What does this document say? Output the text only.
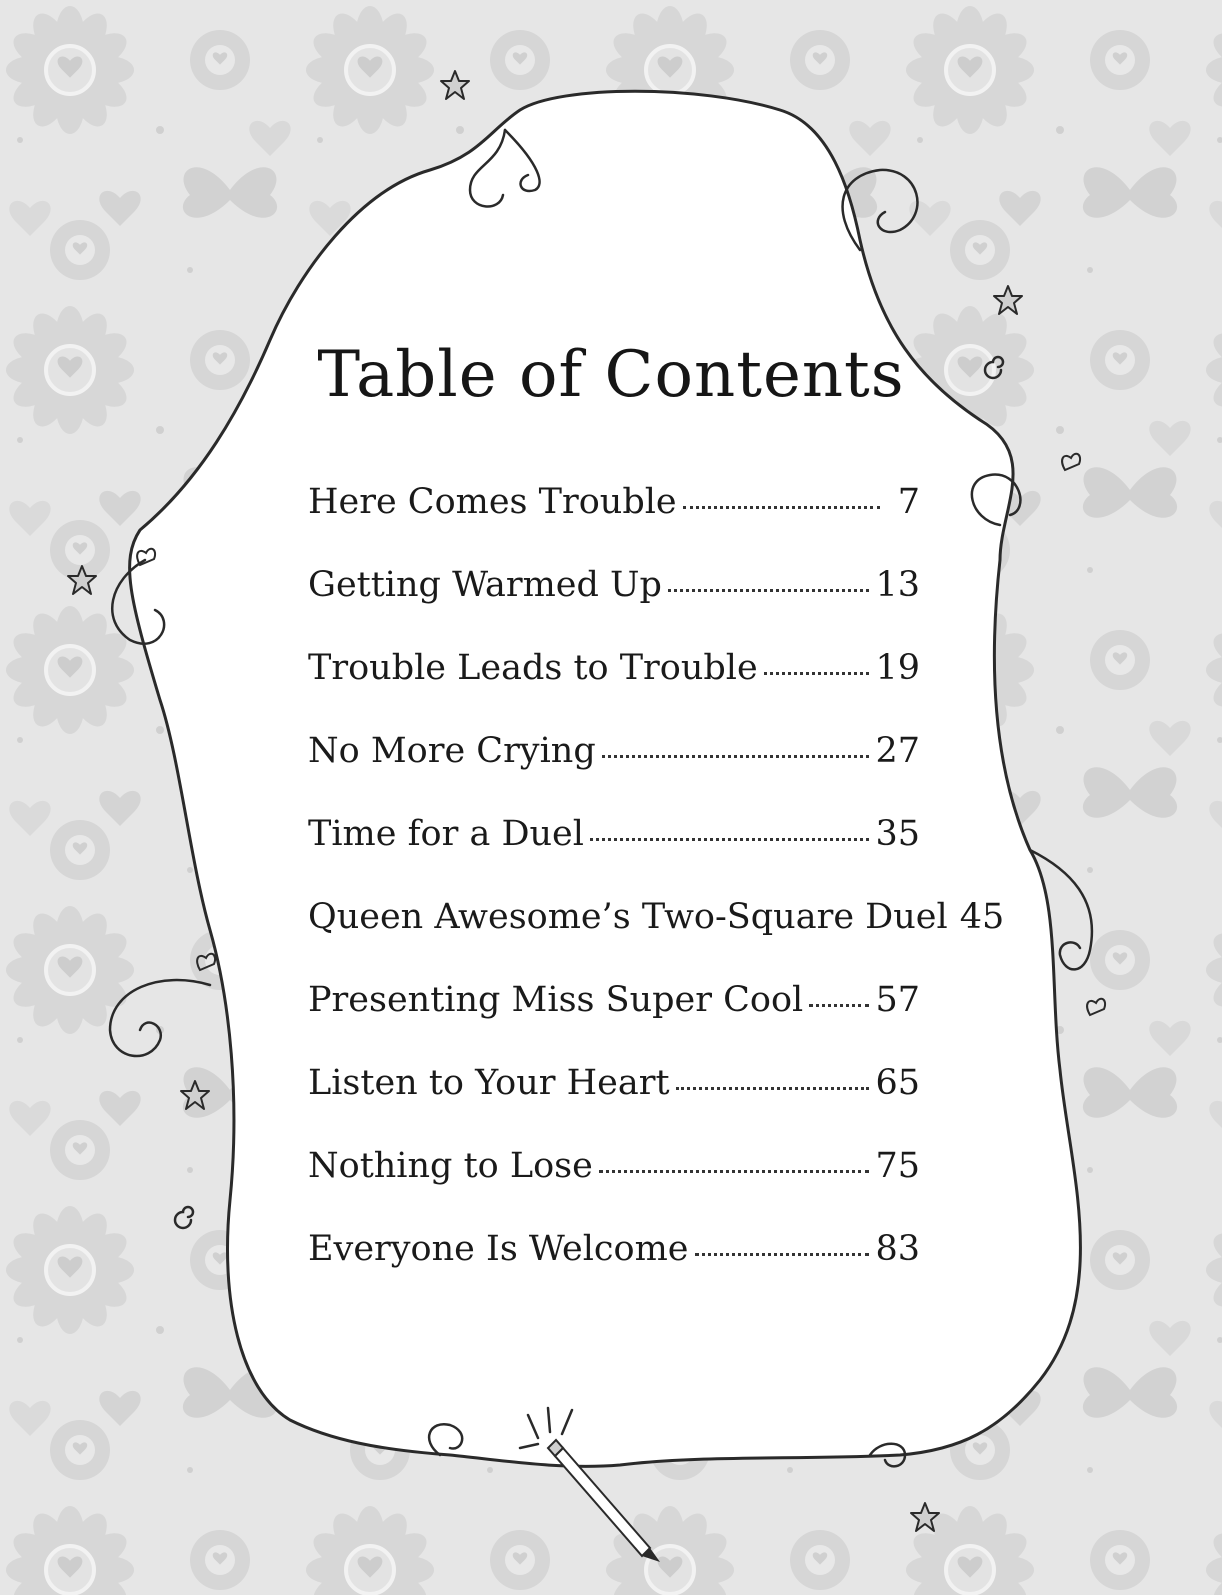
Table of Contents
Here Comes Trouble	7
Getting Warmed Up	13
Trouble Leads to Trouble	19
No More Crying	27
Time for a Duel	35
Queen Awesome’s Two-Square Duel 45
Presenting Miss Super Cool 57
Listen to Your Heart	65
Nothing to Lose	75
Everyone Is Welcome	83
